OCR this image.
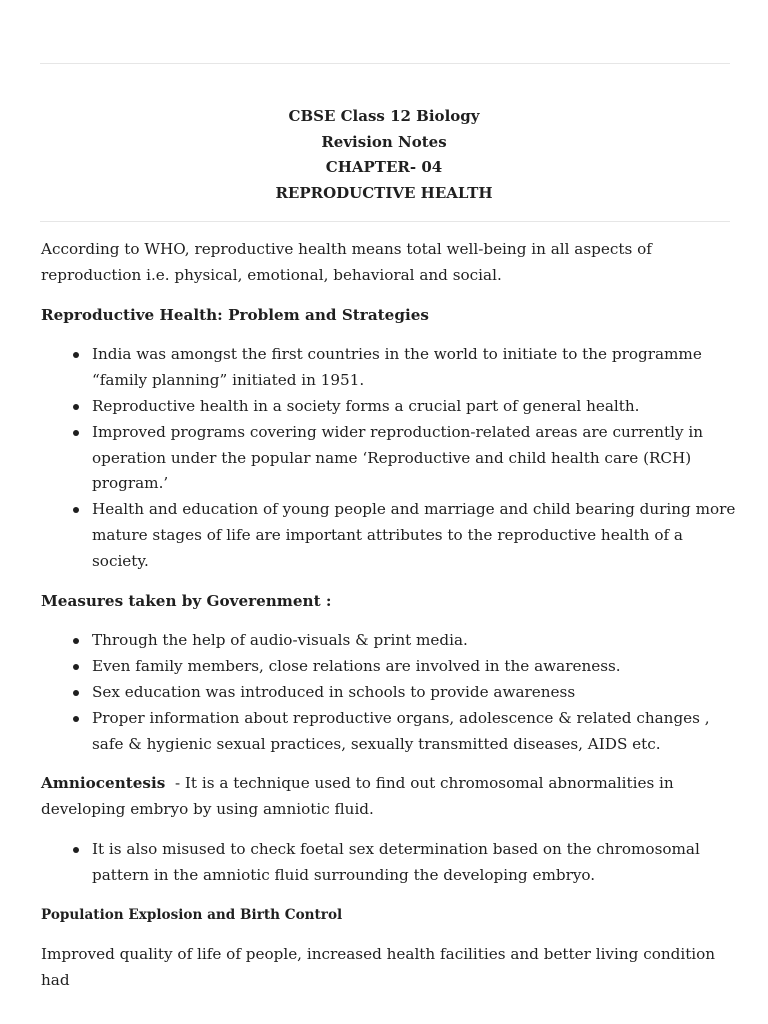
CBSE Class 12 Biology
Revision Notes
CHAPTER- 04
REPRODUCTIVE HEALTH

According to WHO, reproductive health means total well-being in all aspects of reproduction i.e. physical, emotional, behavioral and social.

Reproductive Health: Problem and Strategies

India was amongst the first countries in the world to initiate to the programme “family planning” initiated in 1951.
Reproductive health in a society forms a crucial part of general health.
Improved programs covering wider reproduction-related areas are currently in operation under the popular name ‘Reproductive and child health care (RCH) program.’
Health and education of young people and marriage and child bearing during more mature stages of life are important attributes to the reproductive health of a society.

Measures taken by Goverenment :

Through the help of audio-visuals & print media.
Even family members, close relations are involved in the awareness.
Sex education was introduced in schools to provide awareness
Proper information about reproductive organs, adolescence & related changes , safe & hygienic sexual practices, sexually transmitted diseases, AIDS etc.

Amniocentesis  - It is a technique used to find out chromosomal abnormalities in developing embryo by using amniotic fluid.

It is also misused to check foetal sex determination based on the chromosomal pattern in the amniotic fluid surrounding the developing embryo.

Population Explosion and Birth Control

Improved quality of life of people, increased health facilities and better living condition had
